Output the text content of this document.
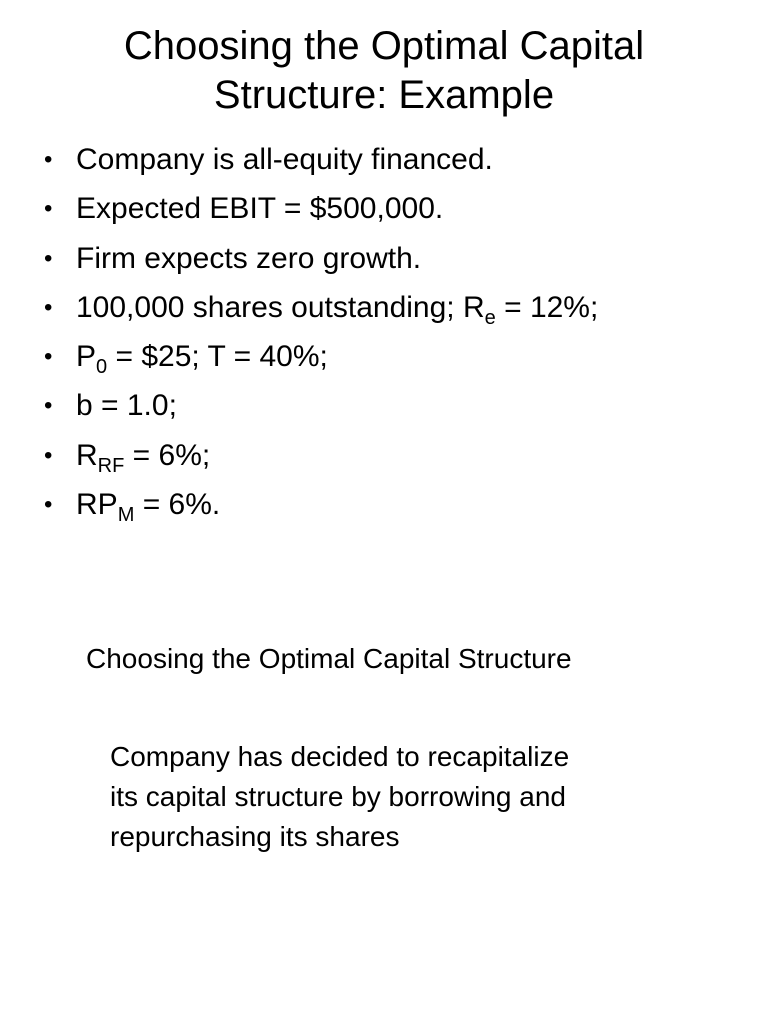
Choosing the Optimal Capital
Structure: Example
• Company is all-equity financed.
• Expected EBIT = $500,000.
• Firm expects zero growth.
• 100,000 shares outstanding; $R_e = 12\%$;
• $P_0$ = $25; T = 40%;
• b = 1.0;
• $R_{RF} = 6\%$;
• $RP_M = 6\%$.
Choosing the Optimal Capital Structure
Company has decided to recapitalize
its capital structure by borrowing and
repurchasing its shares
